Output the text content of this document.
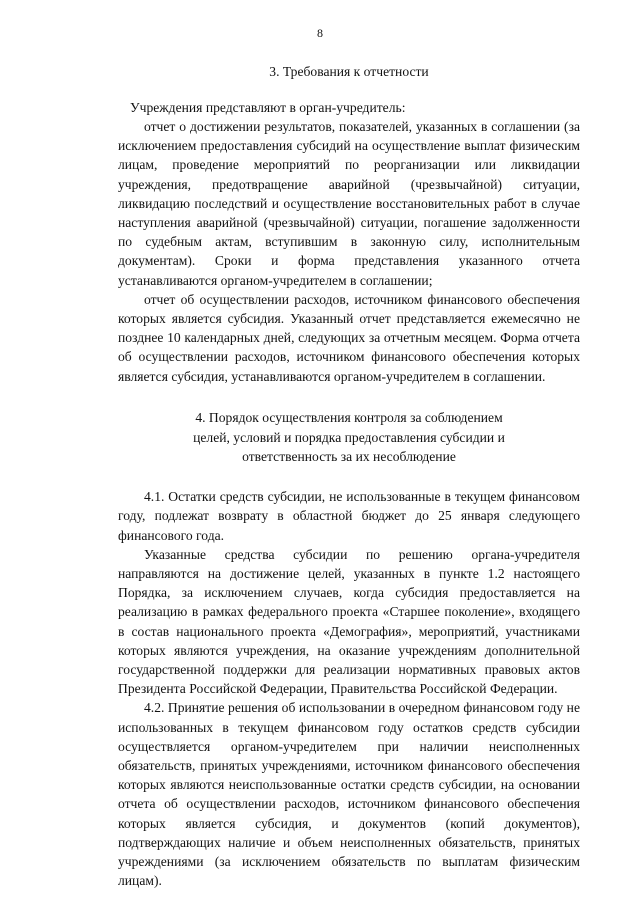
8
3. Требования к отчетности

Учреждения представляют в орган-учредитель:

отчет о достижении результатов, показателей, указанных в соглашении (за исключением предоставления субсидий на осуществление выплат физическим лицам, проведение мероприятий по реорганизации или ликвидации учреждения, предотвращение аварийной (чрезвычайной) ситуации, ликвидацию последствий и осуществление восстановительных работ в случае наступления аварийной (чрезвычайной) ситуации, погашение задолженности по судебным актам, вступившим в законную силу, исполнительным документам). Сроки и форма представления указанного отчета устанавливаются органом-учредителем в соглашении;

отчет об осуществлении расходов, источником финансового обеспечения которых является субсидия. Указанный отчет представляется ежемесячно не позднее 10 календарных дней, следующих за отчетным месяцем. Форма отчета об осуществлении расходов, источником финансового обеспечения которых является субсидия, устанавливаются органом-учредителем в соглашении.

4. Порядок осуществления контроля за соблюдением
целей, условий и порядка предоставления субсидии и
ответственность за их несоблюдение

4.1. Остатки средств субсидии, не использованные в текущем финансовом году, подлежат возврату в областной бюджет до 25 января следующего финансового года.

Указанные средства субсидии по решению органа-учредителя направляются на достижение целей, указанных в пункте 1.2 настоящего Порядка, за исключением случаев, когда субсидия предоставляется на реализацию в рамках федерального проекта «Старшее поколение», входящего в состав национального проекта «Демография», мероприятий, участниками которых являются учреждения, на оказание учреждениям дополнительной государственной поддержки для реализации нормативных правовых актов Президента Российской Федерации, Правительства Российской Федерации.

4.2. Принятие решения об использовании в очередном финансовом году не использованных в текущем финансовом году остатков средств субсидии осуществляется органом-учредителем при наличии неисполненных обязательств, принятых учреждениями, источником финансового обеспечения которых являются неиспользованные остатки средств субсидии, на основании отчета об осуществлении расходов, источником финансового обеспечения которых является субсидия, и документов (копий документов), подтверждающих наличие и объем неисполненных обязательств, принятых учреждениями (за исключением обязательств по выплатам физическим лицам).
